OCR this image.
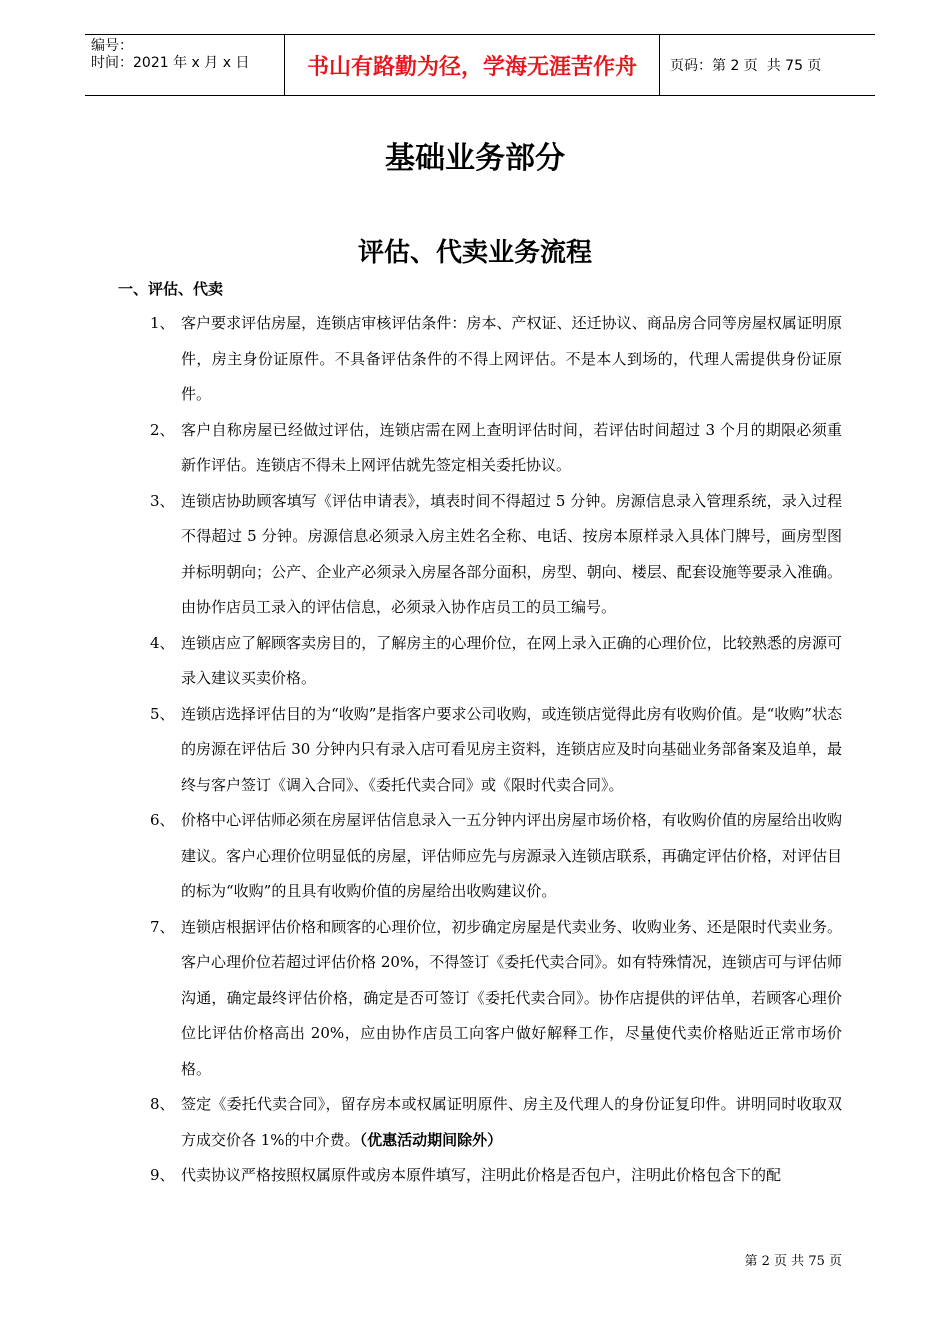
编号：
时间：2021 年 x 月 x 日	书山有路勤为径，学海无涯苦作舟	页码：第 2 页  共 75 页
基础业务部分
评估、代卖业务流程
一、评估、代卖
1、 客户要求评估房屋，连锁店审核评估条件：房本、产权证、还迁协议、商品房合同等房屋权属证明原件，房主身份证原件。不具备评估条件的不得上网评估。不是本人到场的，代理人需提供身份证原件。
2、 客户自称房屋已经做过评估，连锁店需在网上查明评估时间，若评估时间超过 3 个月的期限必须重新作评估。连锁店不得未上网评估就先签定相关委托协议。
3、 连锁店协助顾客填写《评估申请表》，填表时间不得超过 5 分钟。房源信息录入管理系统，录入过程不得超过 5 分钟。房源信息必须录入房主姓名全称、电话、按房本原样录入具体门牌号，画房型图并标明朝向；公产、企业产必须录入房屋各部分面积，房型、朝向、楼层、配套设施等要录入准确。由协作店员工录入的评估信息，必须录入协作店员工的员工编号。
4、 连锁店应了解顾客卖房目的，了解房主的心理价位，在网上录入正确的心理价位，比较熟悉的房源可录入建议买卖价格。
5、 连锁店选择评估目的为“收购”是指客户要求公司收购，或连锁店觉得此房有收购价值。是“收购”状态的房源在评估后 30 分钟内只有录入店可看见房主资料，连锁店应及时向基础业务部备案及追单，最终与客户签订《调入合同》、《委托代卖合同》或《限时代卖合同》。
6、 价格中心评估师必须在房屋评估信息录入一五分钟内评出房屋市场价格，有收购价值的房屋给出收购建议。客户心理价位明显低的房屋，评估师应先与房源录入连锁店联系，再确定评估价格，对评估目的标为“收购”的且具有收购价值的房屋给出收购建议价。
7、 连锁店根据评估价格和顾客的心理价位，初步确定房屋是代卖业务、收购业务、还是限时代卖业务。客户心理价位若超过评估价格 20%，不得签订《委托代卖合同》。如有特殊情况，连锁店可与评估师沟通，确定最终评估价格，确定是否可签订《委托代卖合同》。协作店提供的评估单，若顾客心理价位比评估价格高出 20%，应由协作店员工向客户做好解释工作，尽量使代卖价格贴近正常市场价格。
8、 签定《委托代卖合同》，留存房本或权属证明原件、房主及代理人的身份证复印件。讲明同时收取双方成交价各 1%的中介费。（优惠活动期间除外）
9、 代卖协议严格按照权属原件或房本原件填写，注明此价格是否包户，注明此价格包含下的配
第 2 页 共 75 页
